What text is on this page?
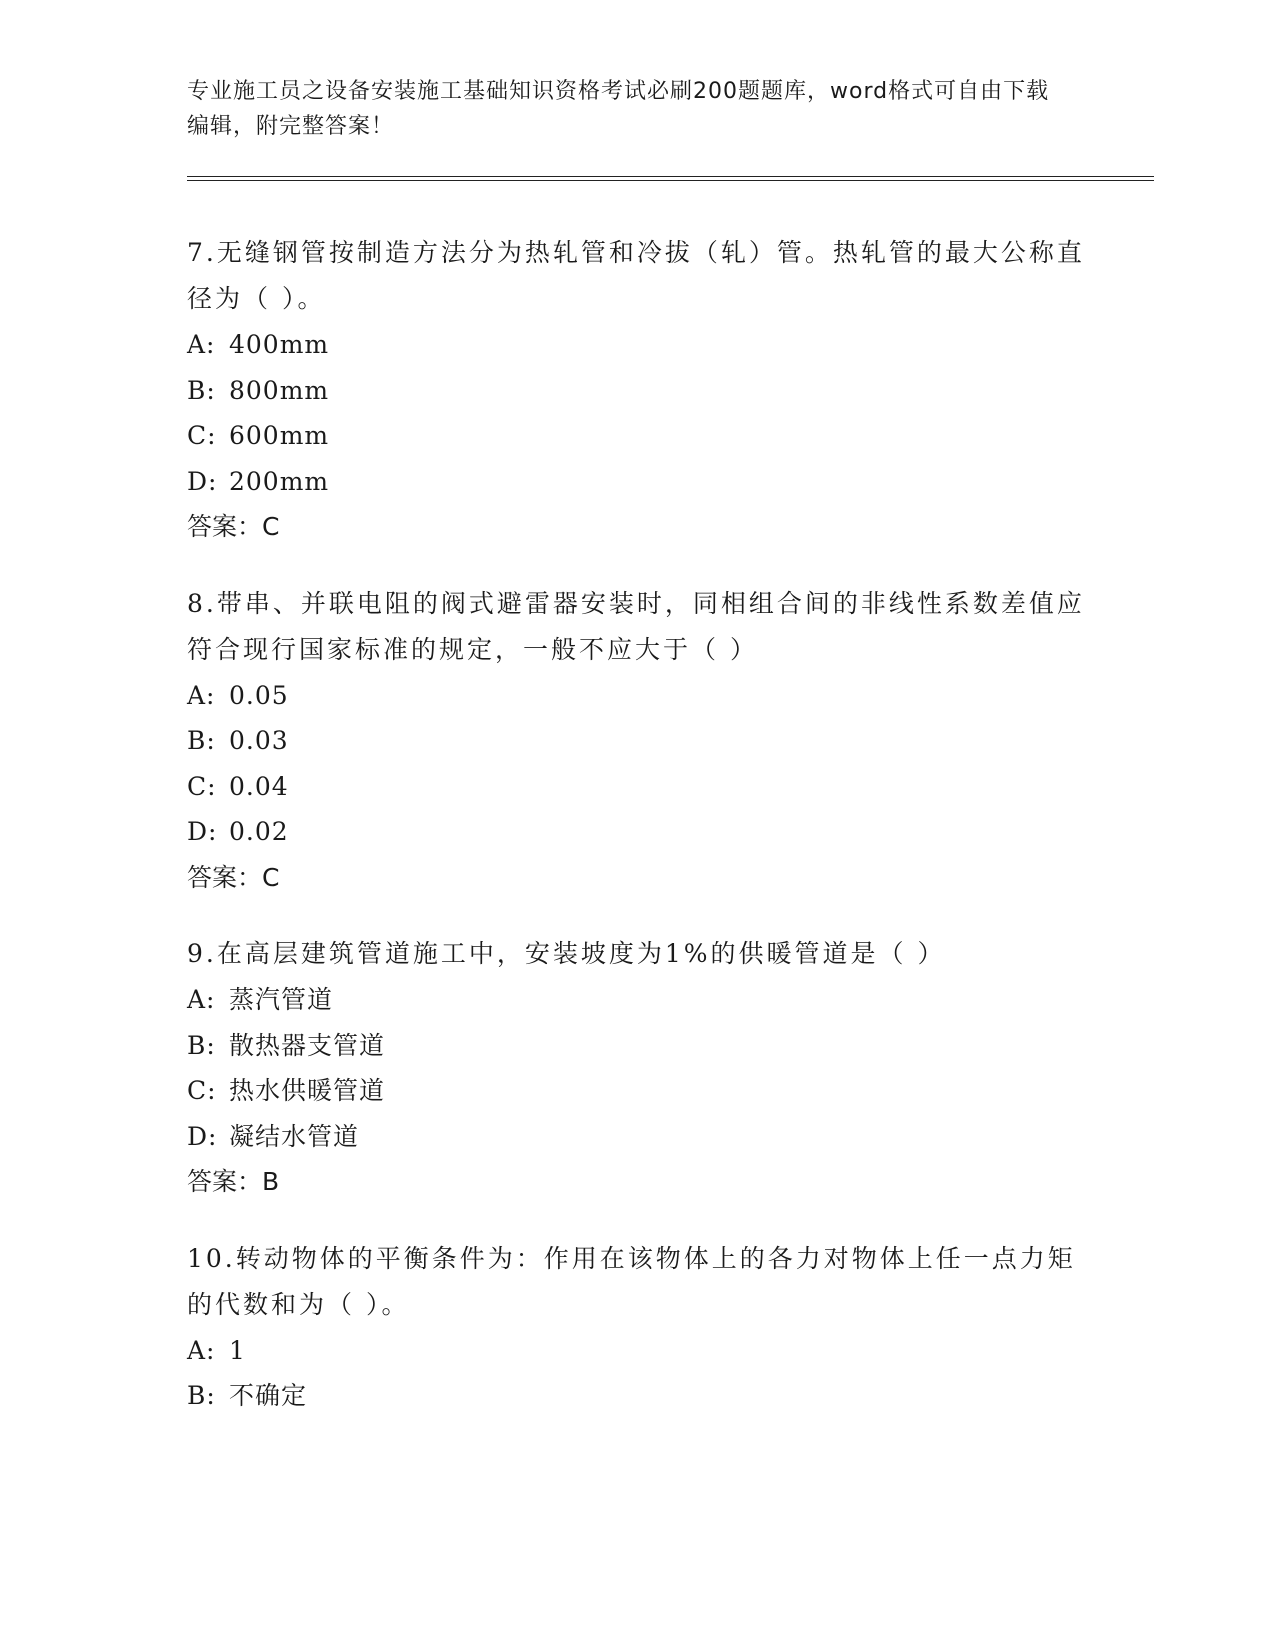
专业施工员之设备安装施工基础知识资格考试必刷200题题库，word格式可自由下载编辑，附完整答案！

7.无缝钢管按制造方法分为热轧管和冷拔（轧）管。热轧管的最大公称直径为（ ）。

A: 400mm

B: 800mm

C: 600mm

D: 200mm

答案：C

8.带串、并联电阻的阀式避雷器安装时，同相组合间的非线性系数差值应符合现行国家标准的规定，一般不应大于（ ）

A: 0.05

B: 0.03

C: 0.04

D: 0.02

答案：C

9.在高层建筑管道施工中，安装坡度为1%的供暖管道是（ ）

A: 蒸汽管道

B: 散热器支管道

C: 热水供暖管道

D: 凝结水管道

答案：B

10.转动物体的平衡条件为：作用在该物体上的各力对物体上任一点力矩的代数和为（ ）。

A: 1

B: 不确定
